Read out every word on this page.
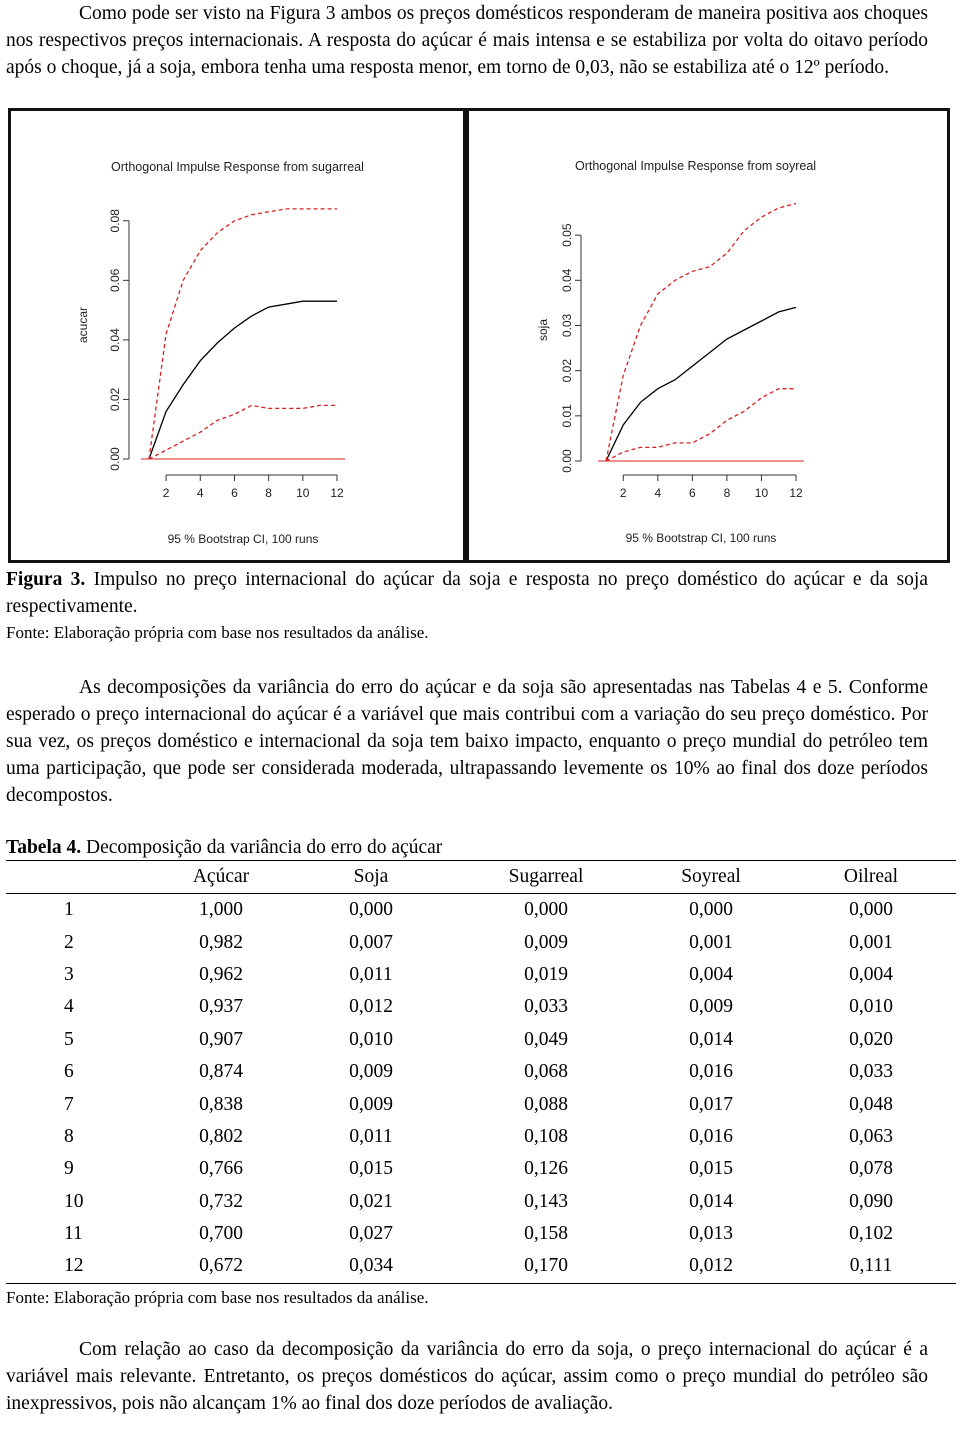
Como pode ser visto na Figura 3 ambos os preços domésticos responderam de maneira positiva aos choques nos respectivos preços internacionais. A resposta do açúcar é mais intensa e se estabiliza por volta do oitavo período após o choque, já a soja, embora tenha uma resposta menor, em torno de 0,03, não se estabiliza até o 12º período.

Orthogonal Impulse Response from sugarreal
0.00
0.02
0.04
0.06
0.08
acucar
2 4 6 8 10 12
95 % Bootstrap CI, 100 runs
Orthogonal Impulse Response from soyreal
0.00
0.01
0.02
0.03
0.04
0.05
soja
2 4 6 8 10 12
95 % Bootstrap CI, 100 runs

Figura 3. Impulso no preço internacional do açúcar da soja e resposta no preço doméstico do açúcar e da soja respectivamente.

Fonte: Elaboração própria com base nos resultados da análise.

As decomposições da variância do erro do açúcar e da soja são apresentadas nas Tabelas 4 e 5. Conforme esperado o preço internacional do açúcar é a variável que mais contribui com a variação do seu preço doméstico. Por sua vez, os preços doméstico e internacional da soja tem baixo impacto, enquanto o preço mundial do petróleo tem uma participação, que pode ser considerada moderada, ultrapassando levemente os 10% ao final dos doze períodos decompostos.

Tabela 4. Decomposição da variância do erro do açúcar
	Açúcar	Soja	Sugarreal	Soyreal	Oilreal
1	1,000	0,000	0,000	0,000	0,000
2	0,982	0,007	0,009	0,001	0,001
3	0,962	0,011	0,019	0,004	0,004
4	0,937	0,012	0,033	0,009	0,010
5	0,907	0,010	0,049	0,014	0,020
6	0,874	0,009	0,068	0,016	0,033
7	0,838	0,009	0,088	0,017	0,048
8	0,802	0,011	0,108	0,016	0,063
9	0,766	0,015	0,126	0,015	0,078
10	0,732	0,021	0,143	0,014	0,090
11	0,700	0,027	0,158	0,013	0,102
12	0,672	0,034	0,170	0,012	0,111

Fonte: Elaboração própria com base nos resultados da análise.

Com relação ao caso da decomposição da variância do erro da soja, o preço internacional do açúcar é a variável mais relevante. Entretanto, os preços domésticos do açúcar, assim como o preço mundial do petróleo são inexpressivos, pois não alcançam 1% ao final dos doze períodos de avaliação.
